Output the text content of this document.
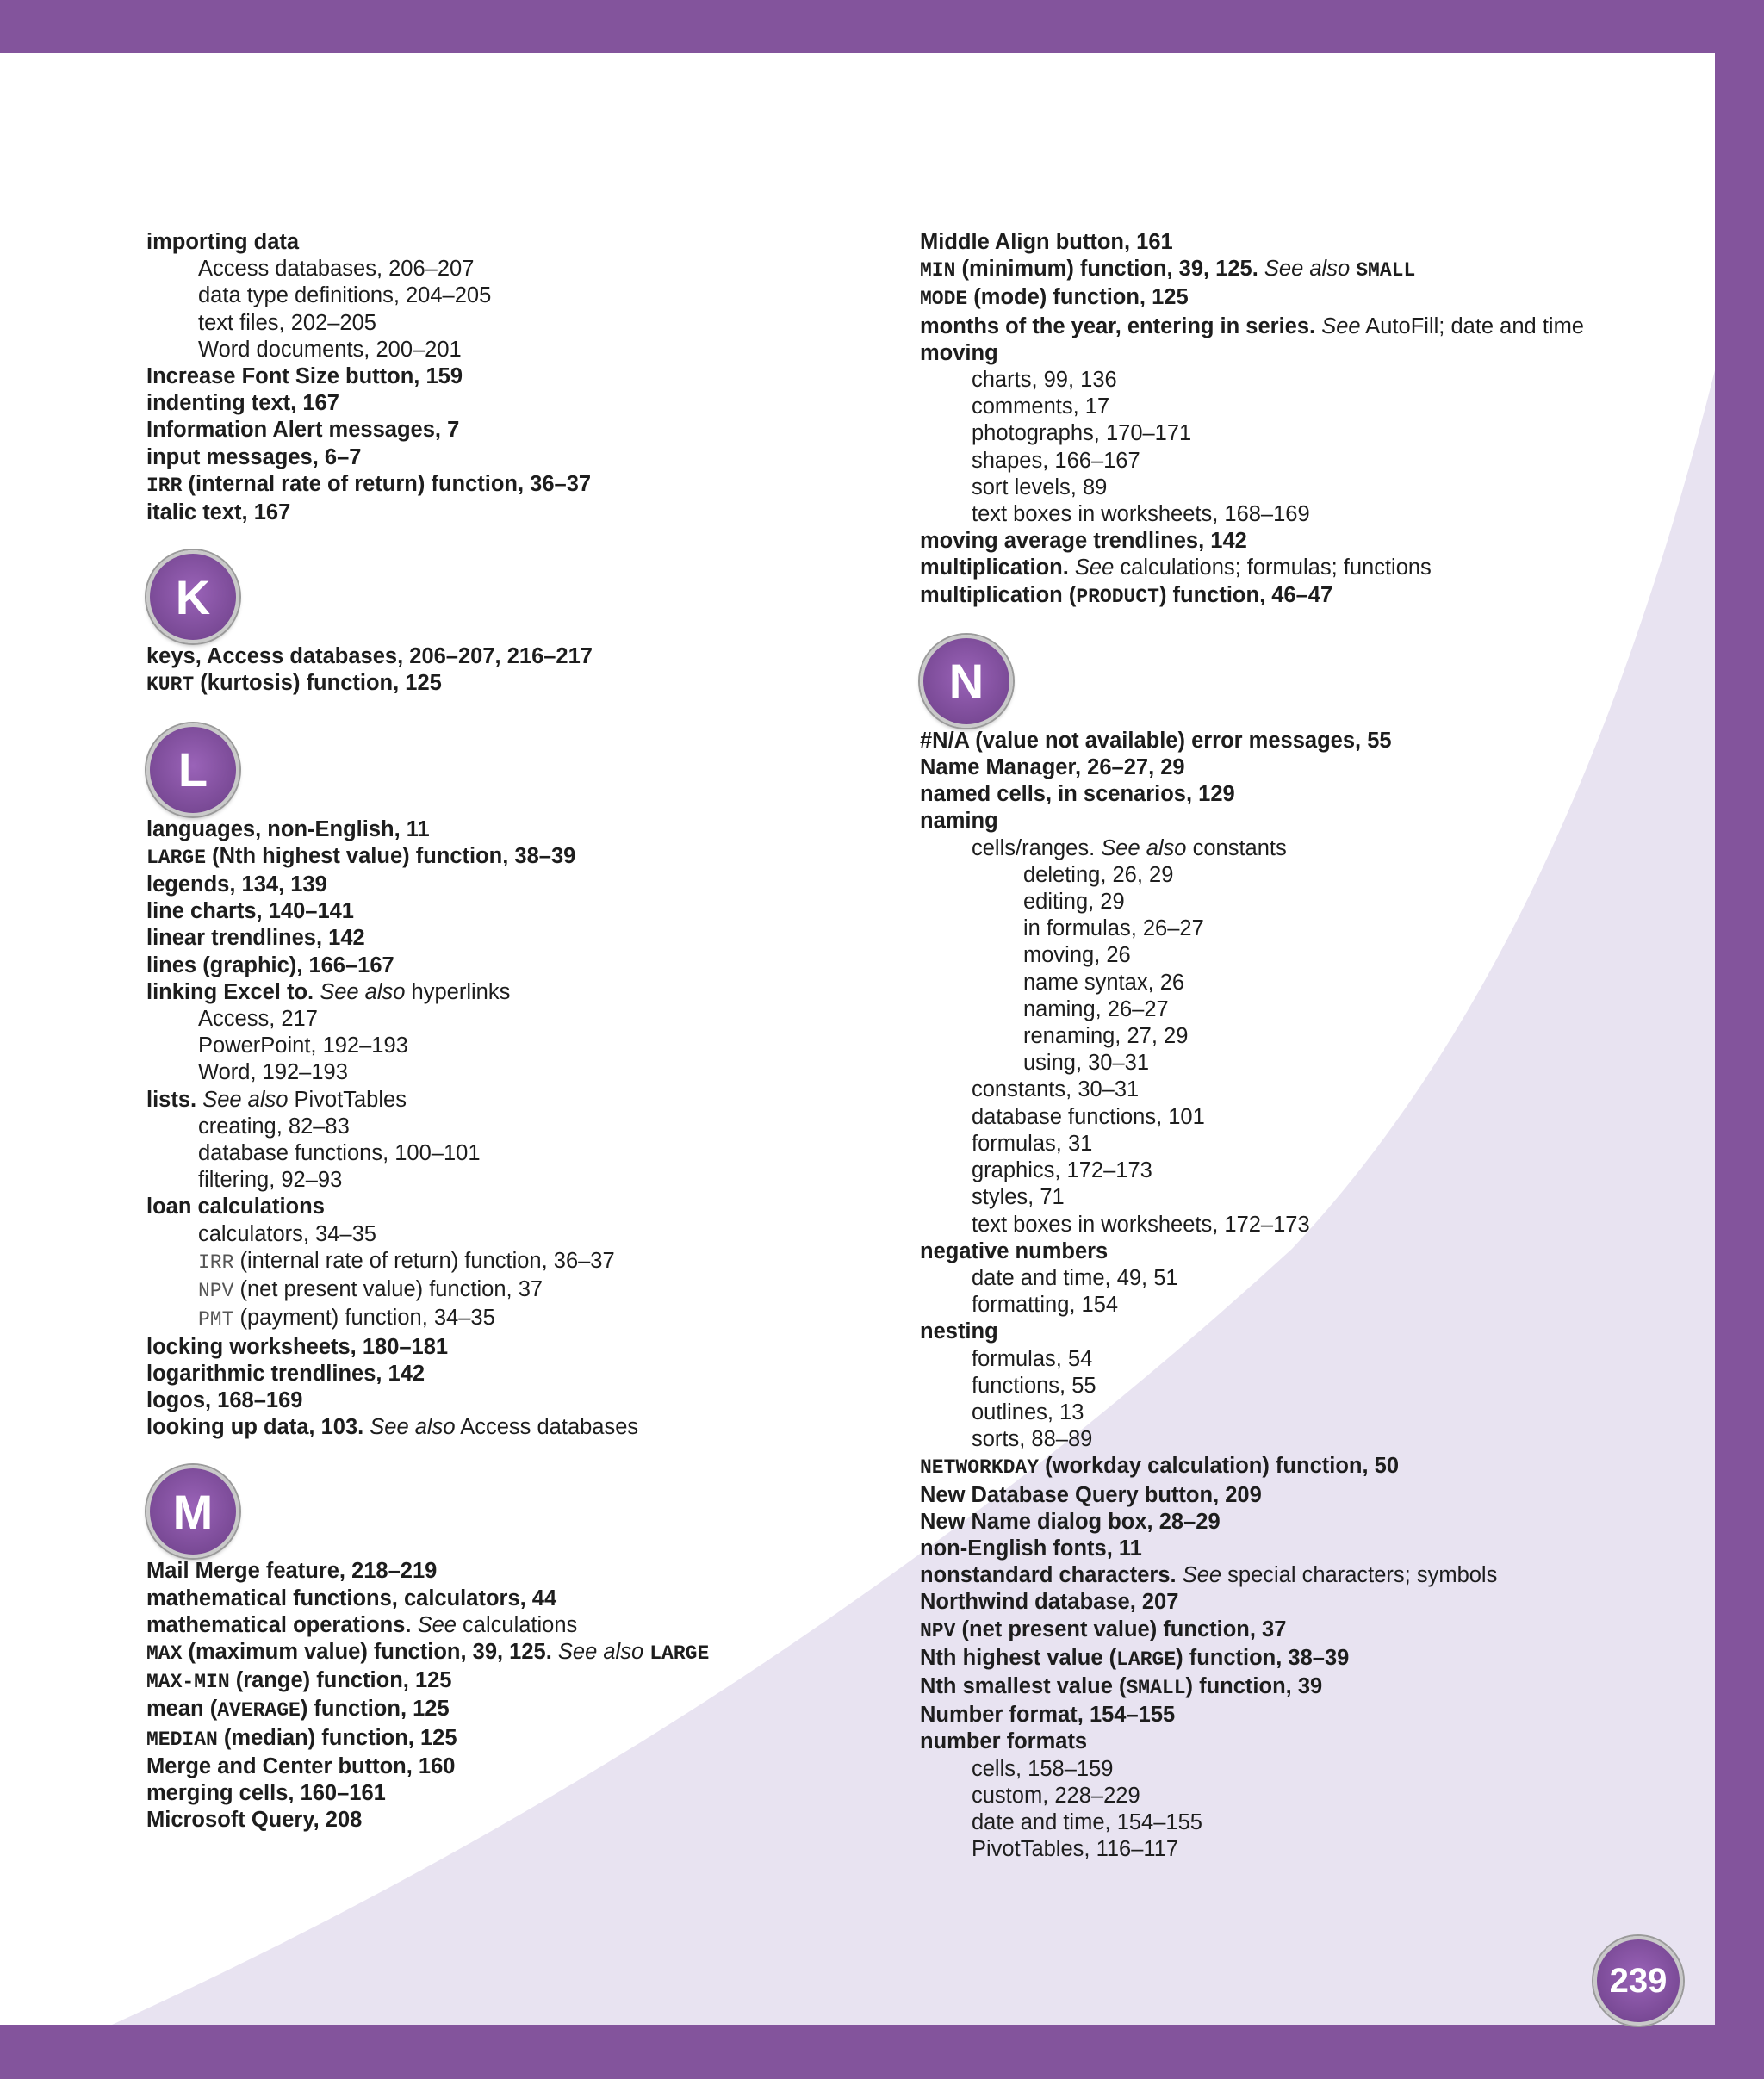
importing data
Access databases, 206–207
data type definitions, 204–205
text files, 202–205
Word documents, 200–201
Increase Font Size button, 159
indenting text, 167
Information Alert messages, 7
input messages, 6–7
IRR (internal rate of return) function, 36–37
italic text, 167
K
keys, Access databases, 206–207, 216–217
KURT (kurtosis) function, 125
L
languages, non-English, 11
LARGE (Nth highest value) function, 38–39
legends, 134, 139
line charts, 140–141
linear trendlines, 142
lines (graphic), 166–167
linking Excel to. See also hyperlinks
Access, 217
PowerPoint, 192–193
Word, 192–193
lists. See also PivotTables
creating, 82–83
database functions, 100–101
filtering, 92–93
loan calculations
calculators, 34–35
IRR (internal rate of return) function, 36–37
NPV (net present value) function, 37
PMT (payment) function, 34–35
locking worksheets, 180–181
logarithmic trendlines, 142
logos, 168–169
looking up data, 103. See also Access databases
M
Mail Merge feature, 218–219
mathematical functions, calculators, 44
mathematical operations. See calculations
MAX (maximum value) function, 39, 125. See also LARGE
MAX-MIN (range) function, 125
mean (AVERAGE) function, 125
MEDIAN (median) function, 125
Merge and Center button, 160
merging cells, 160–161
Microsoft Query, 208
Middle Align button, 161
MIN (minimum) function, 39, 125. See also SMALL
MODE (mode) function, 125
months of the year, entering in series. See AutoFill; date and time
moving
charts, 99, 136
comments, 17
photographs, 170–171
shapes, 166–167
sort levels, 89
text boxes in worksheets, 168–169
moving average trendlines, 142
multiplication. See calculations; formulas; functions
multiplication (PRODUCT) function, 46–47
N
#N/A (value not available) error messages, 55
Name Manager, 26–27, 29
named cells, in scenarios, 129
naming
cells/ranges. See also constants
deleting, 26, 29
editing, 29
in formulas, 26–27
moving, 26
name syntax, 26
naming, 26–27
renaming, 27, 29
using, 30–31
constants, 30–31
database functions, 101
formulas, 31
graphics, 172–173
styles, 71
text boxes in worksheets, 172–173
negative numbers
date and time, 49, 51
formatting, 154
nesting
formulas, 54
functions, 55
outlines, 13
sorts, 88–89
NETWORKDAY (workday calculation) function, 50
New Database Query button, 209
New Name dialog box, 28–29
non-English fonts, 11
nonstandard characters. See special characters; symbols
Northwind database, 207
NPV (net present value) function, 37
Nth highest value (LARGE) function, 38–39
Nth smallest value (SMALL) function, 39
Number format, 154–155
number formats
cells, 158–159
custom, 228–229
date and time, 154–155
PivotTables, 116–117
239
